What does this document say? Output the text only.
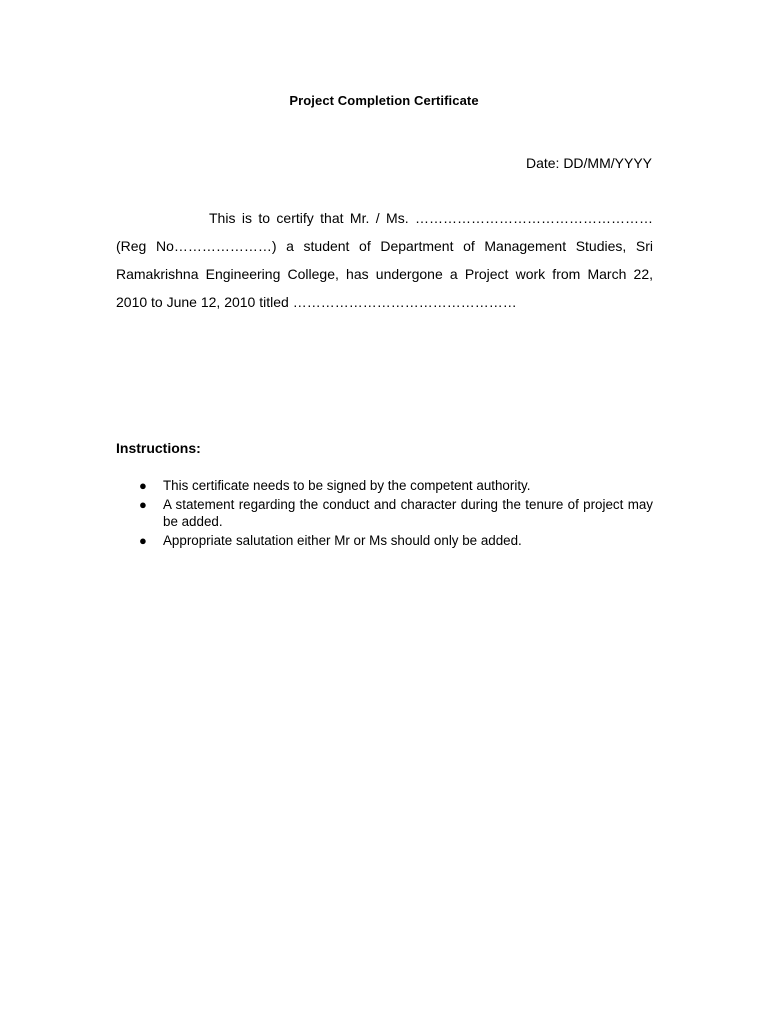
Project Completion Certificate
Date: DD/MM/YYYY
This is to certify that Mr. / Ms. …………………………………………… (Reg No…………………) a student of Department of Management Studies, Sri Ramakrishna Engineering College, has undergone a Project work from March 22, 2010 to June 12, 2010 titled …………………………………………
Instructions:
● This certificate needs to be signed by the competent authority.
● A statement regarding the conduct and character during the tenure of project may be added.
● Appropriate salutation either Mr or Ms should only be added.
